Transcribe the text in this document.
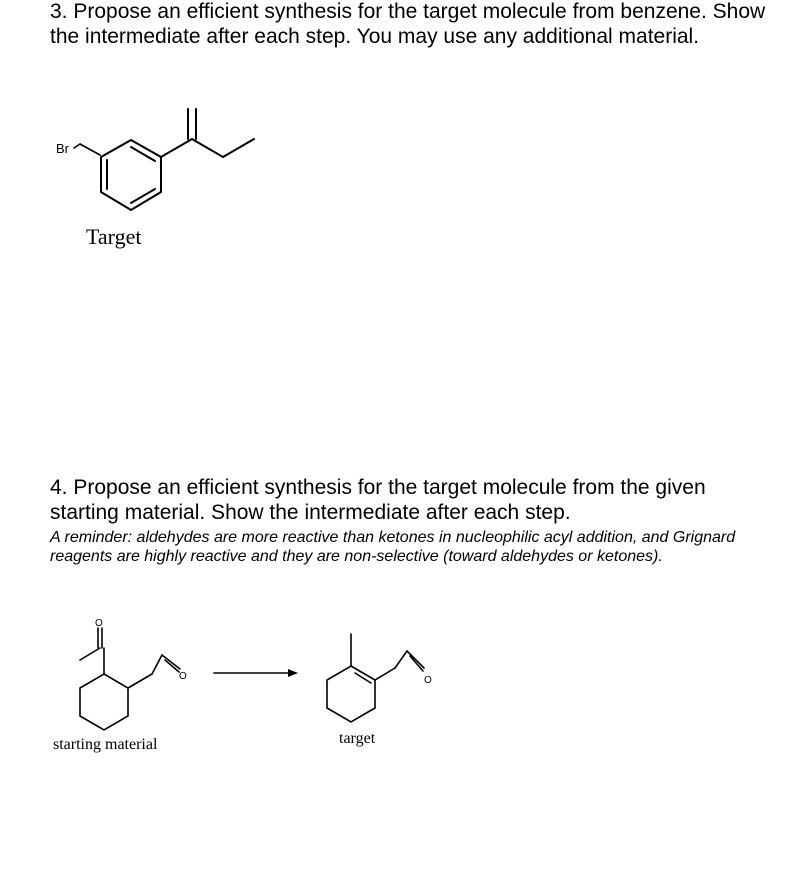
3. Propose an efficient synthesis for the target molecule from benzene. Show the intermediate after each step. You may use any additional material.
Br
O
O	O
Target
4. Propose an efficient synthesis for the target molecule from the given starting material. Show the intermediate after each step.
A reminder: aldehydes are more reactive than ketones in nucleophilic acyl addition, and Grignard reagents are highly reactive and they are non-selective (toward aldehydes or ketones).
starting material	target
